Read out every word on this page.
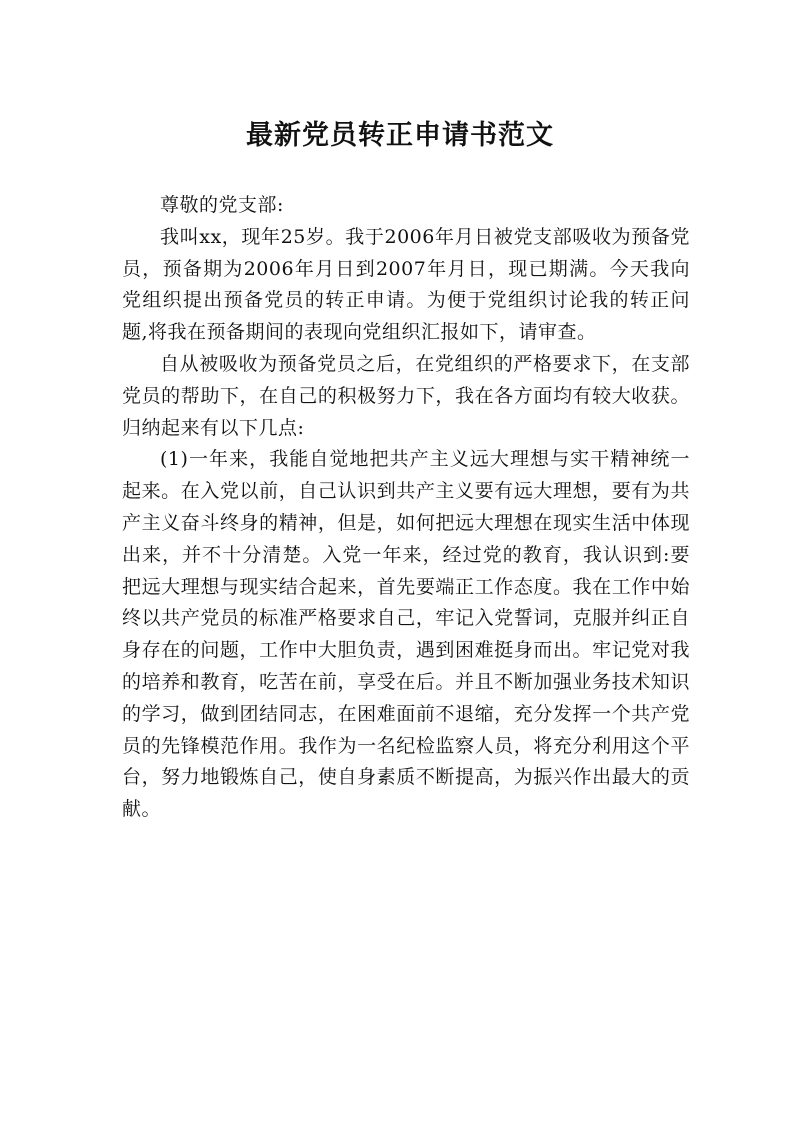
最新党员转正申请书范文

尊敬的党支部:

我叫xx，现年25岁。我于2006年月日被党支部吸收为预备党员，预备期为2006年月日到2007年月日，现已期满。今天我向党组织提出预备党员的转正申请。为便于党组织讨论我的转正问题,将我在预备期间的表现向党组织汇报如下，请审查。

自从被吸收为预备党员之后，在党组织的严格要求下，在支部党员的帮助下，在自己的积极努力下，我在各方面均有较大收获。归纳起来有以下几点:

(1)一年来，我能自觉地把共产主义远大理想与实干精神统一起来。在入党以前，自己认识到共产主义要有远大理想，要有为共产主义奋斗终身的精神，但是，如何把远大理想在现实生活中体现出来，并不十分清楚。入党一年来，经过党的教育，我认识到:要把远大理想与现实结合起来，首先要端正工作态度。我在工作中始终以共产党员的标准严格要求自己，牢记入党誓词，克服并纠正自身存在的问题，工作中大胆负责，遇到困难挺身而出。牢记党对我的培养和教育，吃苦在前，享受在后。并且不断加强业务技术知识的学习，做到团结同志，在困难面前不退缩，充分发挥一个共产党员的先锋模范作用。我作为一名纪检监察人员，将充分利用这个平台，努力地锻炼自己，使自身素质不断提高，为振兴作出最大的贡献。
